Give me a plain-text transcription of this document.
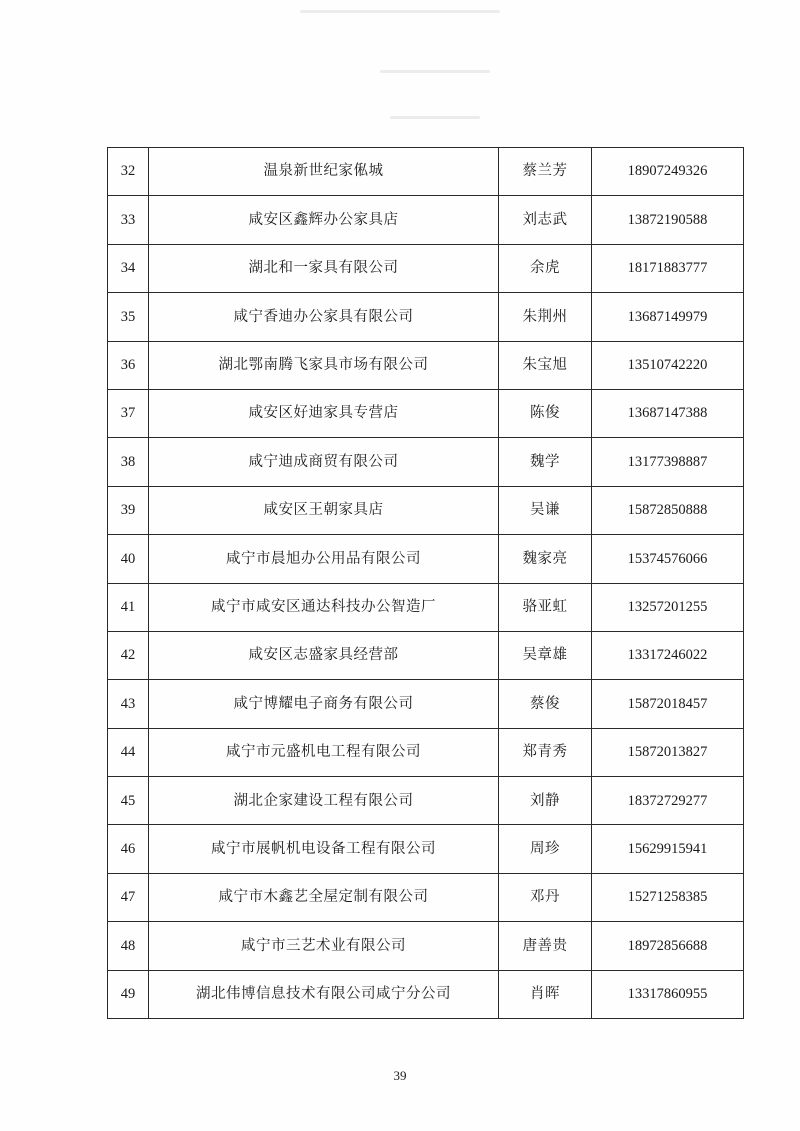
32	温泉新世纪家俬城	蔡兰芳	18907249326
33	咸安区鑫辉办公家具店	刘志武	13872190588
34	湖北和一家具有限公司	余虎	18171883777
35	咸宁香迪办公家具有限公司	朱荆州	13687149979
36	湖北鄂南腾飞家具市场有限公司	朱宝旭	13510742220
37	咸安区好迪家具专营店	陈俊	13687147388
38	咸宁迪成商贸有限公司	魏学	13177398887
39	咸安区王朝家具店	吴谦	15872850888
40	咸宁市晨旭办公用品有限公司	魏家亮	15374576066
41	咸宁市咸安区通达科技办公智造厂	骆亚虹	13257201255
42	咸安区志盛家具经营部	吴章雄	13317246022
43	咸宁博耀电子商务有限公司	蔡俊	15872018457
44	咸宁市元盛机电工程有限公司	郑青秀	15872013827
45	湖北企家建设工程有限公司	刘静	18372729277
46	咸宁市展帆机电设备工程有限公司	周珍	15629915941
47	咸宁市木鑫艺全屋定制有限公司	邓丹	15271258385
48	咸宁市三艺术业有限公司	唐善贵	18972856688
49	湖北伟博信息技术有限公司咸宁分公司	肖晖	13317860955
39
